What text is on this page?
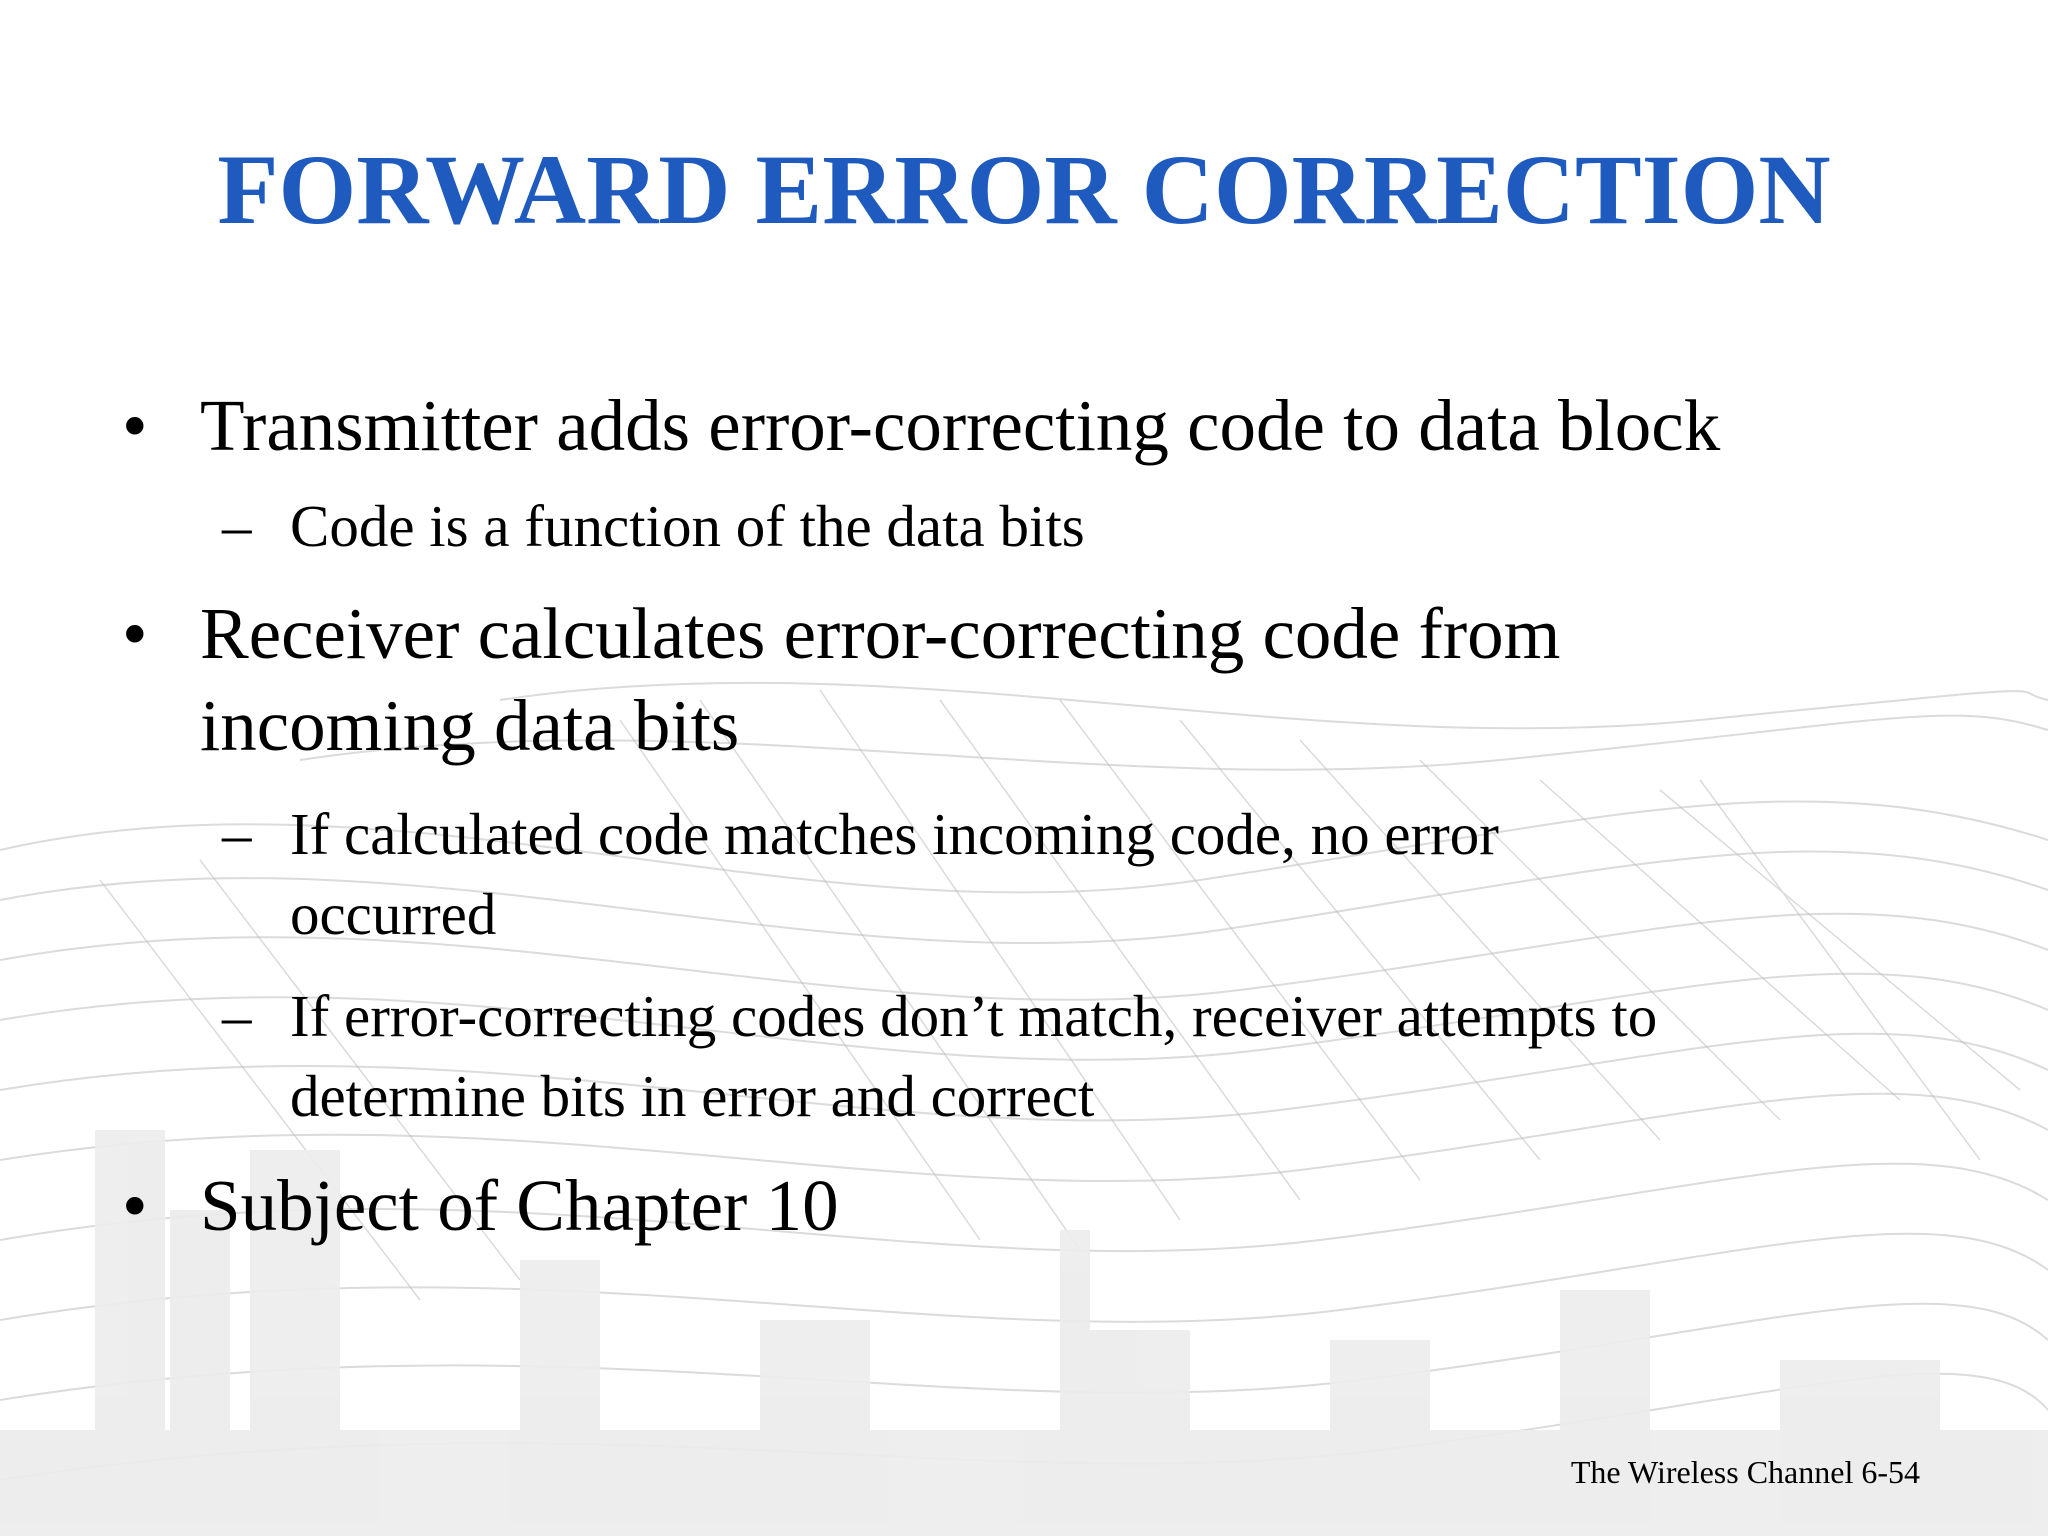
FORWARD ERROR CORRECTION
• Transmitter adds error-correcting code to data block
– Code is a function of the data bits
• Receiver calculates error-correcting code from
incoming data bits
– If calculated code matches incoming code, no error
occurred
– If error-correcting codes don’t match, receiver attempts to
determine bits in error and correct
• Subject of Chapter 10
The Wireless Channel 6-54
